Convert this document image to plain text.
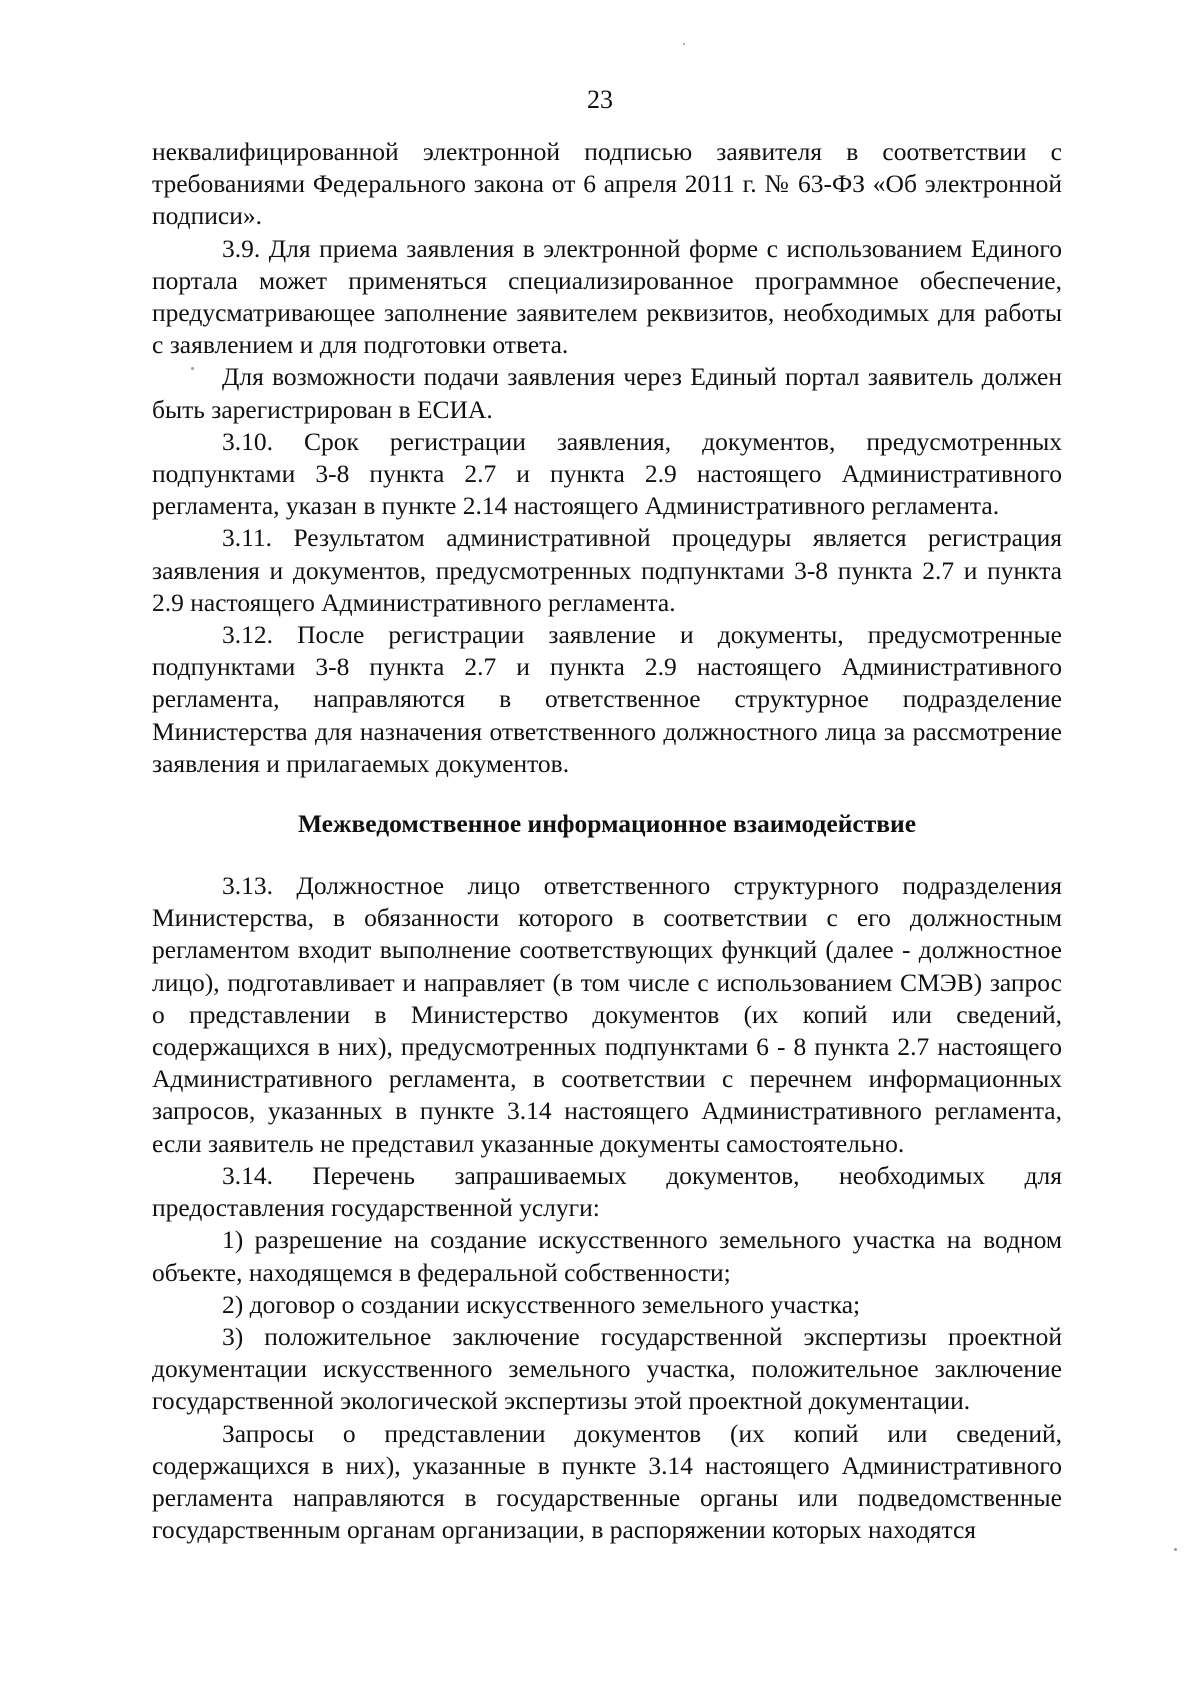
23

неквалифицированной электронной подписью заявителя в соответствии с требованиями Федерального закона от 6 апреля 2011 г. № 63-ФЗ «Об электронной подписи».

3.9. Для приема заявления в электронной форме с использованием Единого портала может применяться специализированное программное обеспечение, предусматривающее заполнение заявителем реквизитов, необходимых для работы с заявлением и для подготовки ответа.

Для возможности подачи заявления через Единый портал заявитель должен быть зарегистрирован в ЕСИА.

3.10. Срок регистрации заявления, документов, предусмотренных подпунктами 3-8 пункта 2.7 и пункта 2.9 настоящего Административного регламента, указан в пункте 2.14 настоящего Административного регламента.

3.11. Результатом административной процедуры является регистрация заявления и документов, предусмотренных подпунктами 3-8 пункта 2.7 и пункта 2.9 настоящего Административного регламента.

3.12. После регистрации заявление и документы, предусмотренные подпунктами 3-8 пункта 2.7 и пункта 2.9 настоящего Административного регламента, направляются в ответственное структурное подразделение Министерства для назначения ответственного должностного лица за рассмотрение заявления и прилагаемых документов.

Межведомственное информационное взаимодействие

3.13. Должностное лицо ответственного структурного подразделения Министерства, в обязанности которого в соответствии с его должностным регламентом входит выполнение соответствующих функций (далее - должностное лицо), подготавливает и направляет (в том числе с использованием СМЭВ) запрос о представлении в Министерство документов (их копий или сведений, содержащихся в них), предусмотренных подпунктами 6 - 8 пункта 2.7 настоящего Административного регламента, в соответствии с перечнем информационных запросов, указанных в пункте 3.14 настоящего Административного регламента, если заявитель не представил указанные документы самостоятельно.

3.14. Перечень запрашиваемых документов, необходимых для предоставления государственной услуги:

1) разрешение на создание искусственного земельного участка на водном объекте, находящемся в федеральной собственности;

2) договор о создании искусственного земельного участка;

3) положительное заключение государственной экспертизы проектной документации искусственного земельного участка, положительное заключение государственной экологической экспертизы этой проектной документации.

Запросы о представлении документов (их копий или сведений, содержащихся в них), указанные в пункте 3.14 настоящего Административного регламента направляются в государственные органы или подведомственные государственным органам организации, в распоряжении которых находятся
